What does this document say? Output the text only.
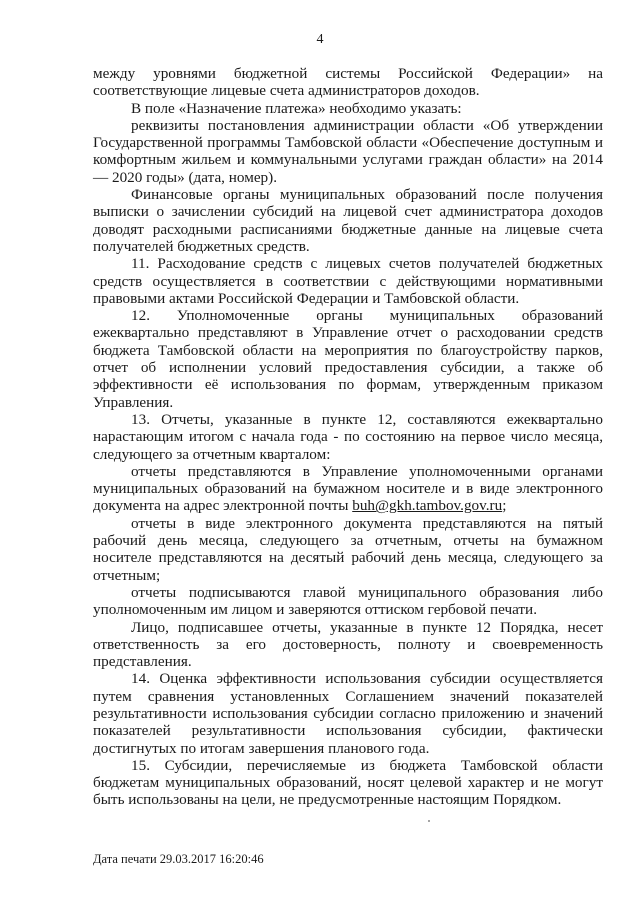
4

между уровнями бюджетной системы Российской Федерации» на соответствующие лицевые счета администраторов доходов.

В поле «Назначение платежа» необходимо указать:

реквизиты постановления администрации области «Об утверждении Государственной программы Тамбовской области «Обеспечение доступным и комфортным жильем и коммунальными услугами граждан области» на 2014 — 2020 годы» (дата, номер).

Финансовые органы муниципальных образований после получения выписки о зачислении субсидий на лицевой счет администратора доходов доводят расходными расписаниями бюджетные данные на лицевые счета получателей бюджетных средств.

11. Расходование средств с лицевых счетов получателей бюджетных средств осуществляется в соответствии с действующими нормативными правовыми актами Российской Федерации и Тамбовской области.

12. Уполномоченные органы муниципальных образований ежеквартально представляют в Управление отчет о расходовании средств бюджета Тамбовской области на мероприятия по благоустройству парков, отчет об исполнении условий предоставления субсидии, а также об эффективности её использования по формам, утвержденным приказом Управления.

13. Отчеты, указанные в пункте 12, составляются ежеквартально нарастающим итогом с начала года - по состоянию на первое число месяца, следующего за отчетным кварталом:

отчеты представляются в Управление уполномоченными органами муниципальных образований на бумажном носителе и в виде электронного документа на адрес электронной почты buh@gkh.tambov.gov.ru;

отчеты в виде электронного документа представляются на пятый рабочий день месяца, следующего за отчетным, отчеты на бумажном носителе представляются на десятый рабочий день месяца, следующего за отчетным;

отчеты подписываются главой муниципального образования либо уполномоченным им лицом и заверяются оттиском гербовой печати.

Лицо, подписавшее отчеты, указанные в пункте 12 Порядка, несет ответственность за его достоверность, полноту и своевременность представления.

14. Оценка эффективности использования субсидии осуществляется путем сравнения установленных Соглашением значений показателей результативности использования субсидии согласно приложению и значений показателей результативности использования субсидии, фактически достигнутых по итогам завершения планового года.

15. Субсидии, перечисляемые из бюджета Тамбовской области бюджетам муниципальных образований, носят целевой характер и не могут быть использованы на цели, не предусмотренные настоящим Порядком.

Дата печати 29.03.2017 16:20:46
